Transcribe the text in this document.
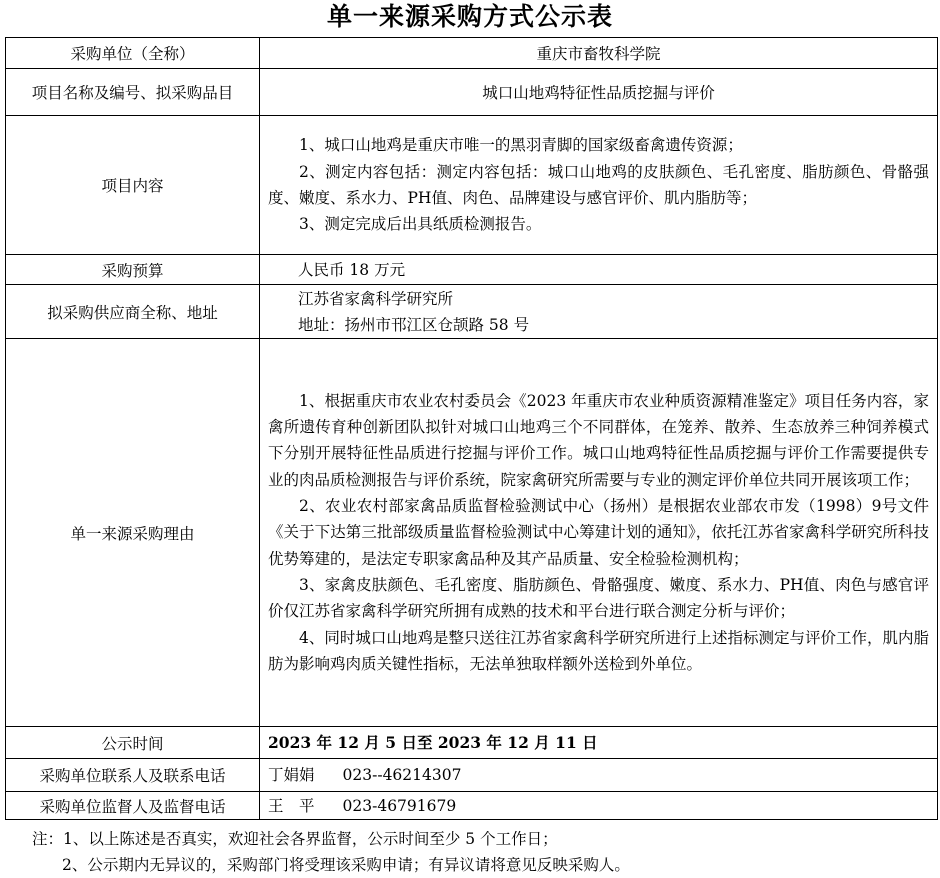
单一来源采购方式公示表
采购单位（全称）	重庆市畜牧科学院
项目名称及编号、拟采购品目	城口山地鸡特征性品质挖掘与评价
项目内容	1、城口山地鸡是重庆市唯一的黑羽青脚的国家级畜禽遗传资源；

2、测定内容包括：测定内容包括：城口山地鸡的皮肤颜色、毛孔密度、脂肪颜色、骨骼强度、嫩度、系水力、PH值、肉色、品牌建设与感官评价、肌内脂肪等；

3、测定完成后出具纸质检测报告。

采购预算	人民币 18 万元
拟采购供应商全称、地址	江苏省家禽科学研究所
地址：扬州市邗江区仓颉路 58 号

单一来源采购理由	1、根据重庆市农业农村委员会《2023 年重庆市农业种质资源精准鉴定》项目任务内容，家禽所遗传育种创新团队拟针对城口山地鸡三个不同群体，在笼养、散养、生态放养三种饲养模式下分别开展特征性品质进行挖掘与评价工作。城口山地鸡特征性品质挖掘与评价工作需要提供专业的肉品质检测报告与评价系统，院家禽研究所需要与专业的测定评价单位共同开展该项工作；

2、农业农村部家禽品质监督检验测试中心（扬州）是根据农业部农市发（1998）9号文件《关于下达第三批部级质量监督检验测试中心筹建计划的通知》，依托江苏省家禽科学研究所科技优势筹建的，是法定专职家禽品种及其产品质量、安全检验检测机构；

3、家禽皮肤颜色、毛孔密度、脂肪颜色、骨骼强度、嫩度、系水力、PH值、肉色与感官评价仅江苏省家禽科学研究所拥有成熟的技术和平台进行联合测定分析与评价；

4、同时城口山地鸡是整只送往江苏省家禽科学研究所进行上述指标测定与评价工作，肌内脂肪为影响鸡肉质关键性指标，无法单独取样额外送检到外单位。

公示时间	2023 年 12 月 5 日至 2023 年 12 月 11 日
采购单位联系人及联系电话	丁娟娟 023--46214307
采购单位监督人及监督电话	王　平 023-46791679
注：1、以上陈述是否真实，欢迎社会各界监督，公示时间至少 5 个工作日；
2、公示期内无异议的，采购部门将受理该采购申请；有异议请将意见反映采购人。
